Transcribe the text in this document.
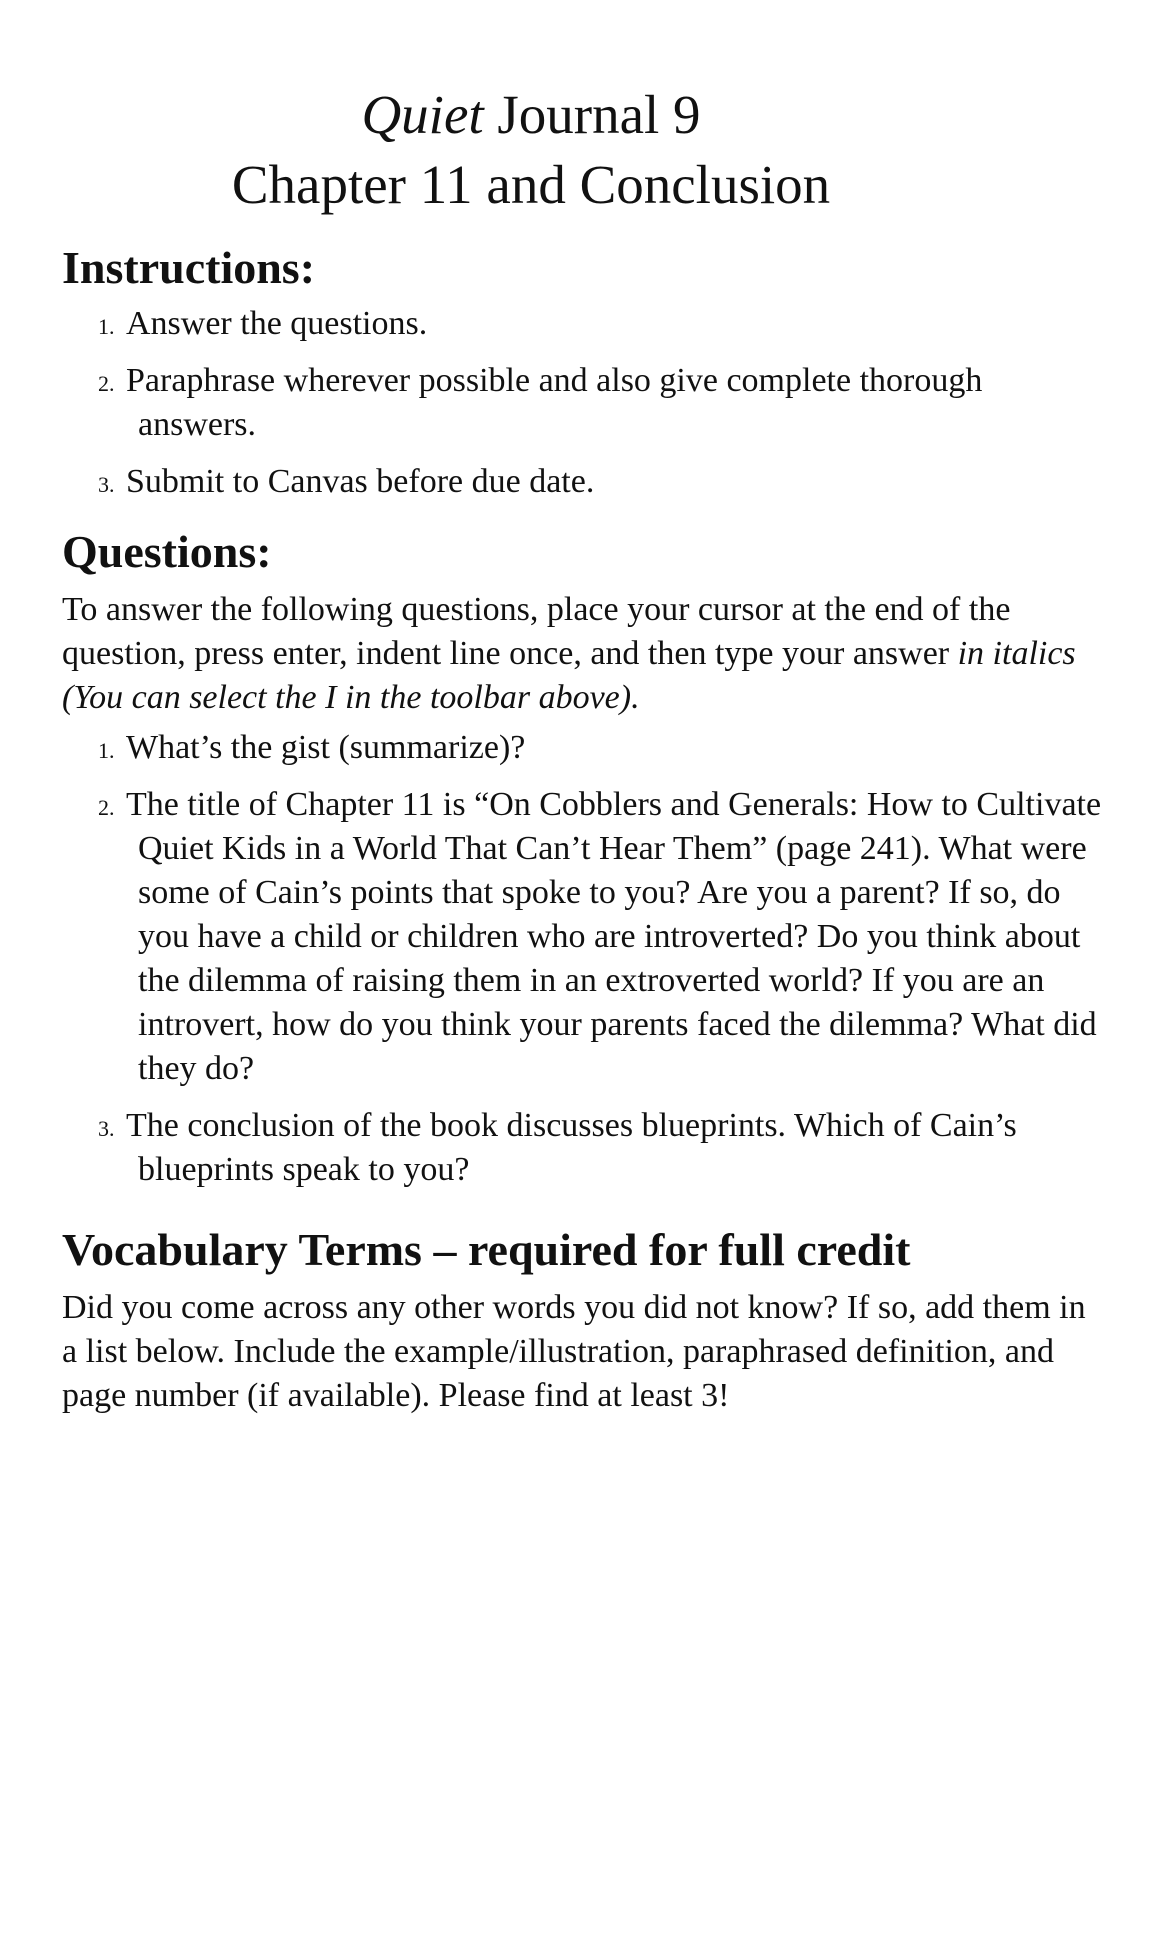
Quiet Journal 9
Chapter 11 and Conclusion
Instructions:
1. Answer the questions.
2. Paraphrase wherever possible and also give complete thorough answers.
3. Submit to Canvas before due date.
Questions:

To answer the following questions, place your cursor at the end of the question, press enter, indent line once, and then type your answer in italics (You can select the I in the toolbar above).

1. What’s the gist (summarize)?
2. The title of Chapter 11 is “On Cobblers and Generals: How to Cultivate Quiet Kids in a World That Can’t Hear Them” (page 241). What were some of Cain’s points that spoke to you? Are you a parent? If so, do you have a child or children who are introverted? Do you think about the dilemma of raising them in an extroverted world? If you are an introvert, how do you think your parents faced the dilemma? What did they do?
3. The conclusion of the book discusses blueprints. Which of Cain’s blueprints speak to you?
Vocabulary Terms – required for full credit

Did you come across any other words you did not know? If so, add them in a list below. Include the example/illustration, paraphrased definition, and page number (if available). Please find at least 3!
